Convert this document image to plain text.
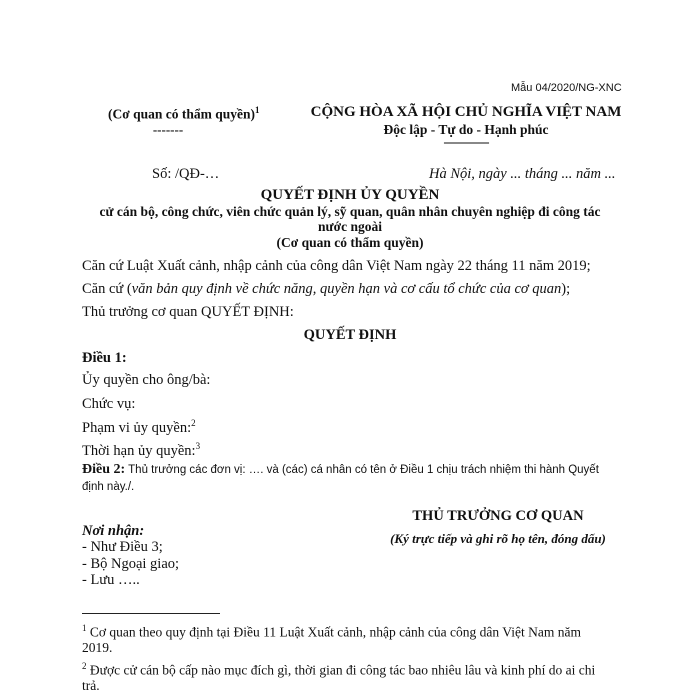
Mẫu 04/2020/NG-XNC
(Cơ quan có thẩm quyền)$^1$
-------
CỘNG HÒA XÃ HỘI CHỦ NGHĨA VIỆT NAM
Độc lập - Tự do - Hạnh phúc
---------------
Số: /QĐ-…	Hà Nội, ngày ... tháng ... năm ...
QUYẾT ĐỊNH ỦY QUYỀN
cử cán bộ, công chức, viên chức quản lý, sỹ quan, quân nhân chuyên nghiệp đi công tác
nước ngoài
(Cơ quan có thẩm quyền)
Căn cứ Luật Xuất cảnh, nhập cảnh của công dân Việt Nam ngày 22 tháng 11 năm 2019;
Căn cứ (văn bản quy định về chức năng, quyền hạn và cơ cấu tổ chức của cơ quan);
Thủ trưởng cơ quan QUYẾT ĐỊNH:
QUYẾT ĐỊNH
Điều 1:
Ủy quyền cho ông/bà:
Chức vụ:
Phạm vi ủy quyền:$^2$
Thời hạn ủy quyền:$^3$
Điều 2: Thủ trưởng các đơn vị: …. và (các) cá nhân có tên ở Điều 1 chịu trách nhiệm thi hành Quyết
định này./.
THỦ TRƯỞNG CƠ QUAN
(Ký trực tiếp và ghi rõ họ tên, đóng dấu)
Nơi nhận:
- Như Điều 3;
- Bộ Ngoại giao;
- Lưu …..
$^1$ Cơ quan theo quy định tại Điều 11 Luật Xuất cảnh, nhập cảnh của công dân Việt Nam năm
2019.
$^2$ Được cử cán bộ cấp nào mục đích gì, thời gian đi công tác bao nhiêu lâu và kinh phí do ai chi
trả.
